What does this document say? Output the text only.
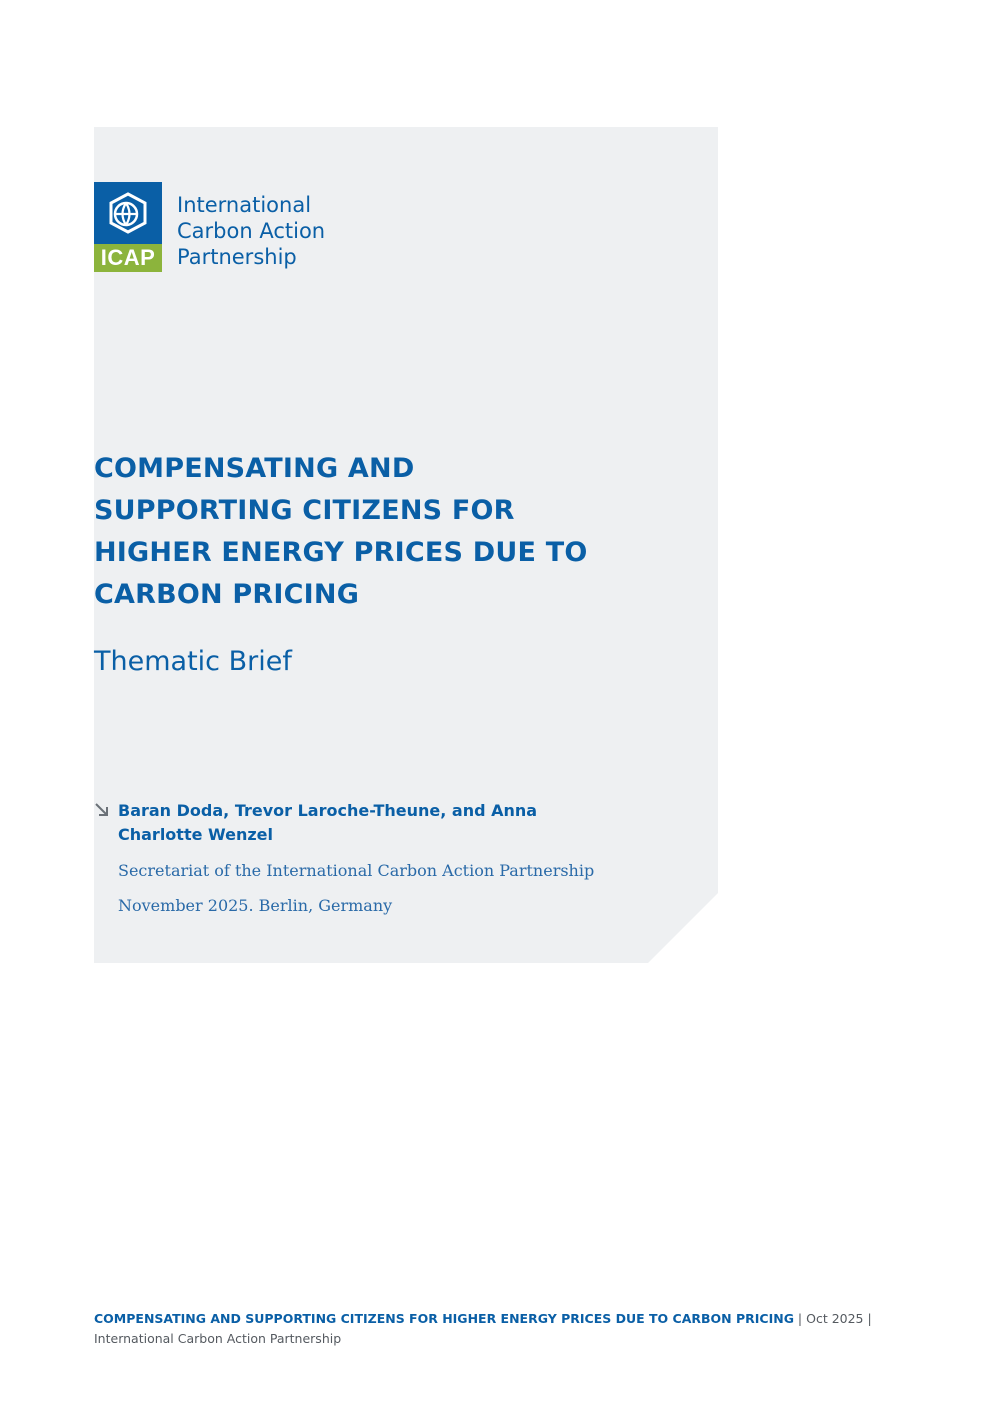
ICAP
International
Carbon Action
Partnership
COMPENSATING AND
SUPPORTING CITIZENS FOR
HIGHER ENERGY PRICES DUE TO
CARBON PRICING
Thematic Brief
Baran Doda, Trevor Laroche-Theune, and Anna
Charlotte Wenzel
Secretariat of the International Carbon Action Partnership
November 2025. Berlin, Germany
COMPENSATING AND SUPPORTING CITIZENS FOR HIGHER ENERGY PRICES DUE TO CARBON PRICING | Oct 2025 |
International Carbon Action Partnership
